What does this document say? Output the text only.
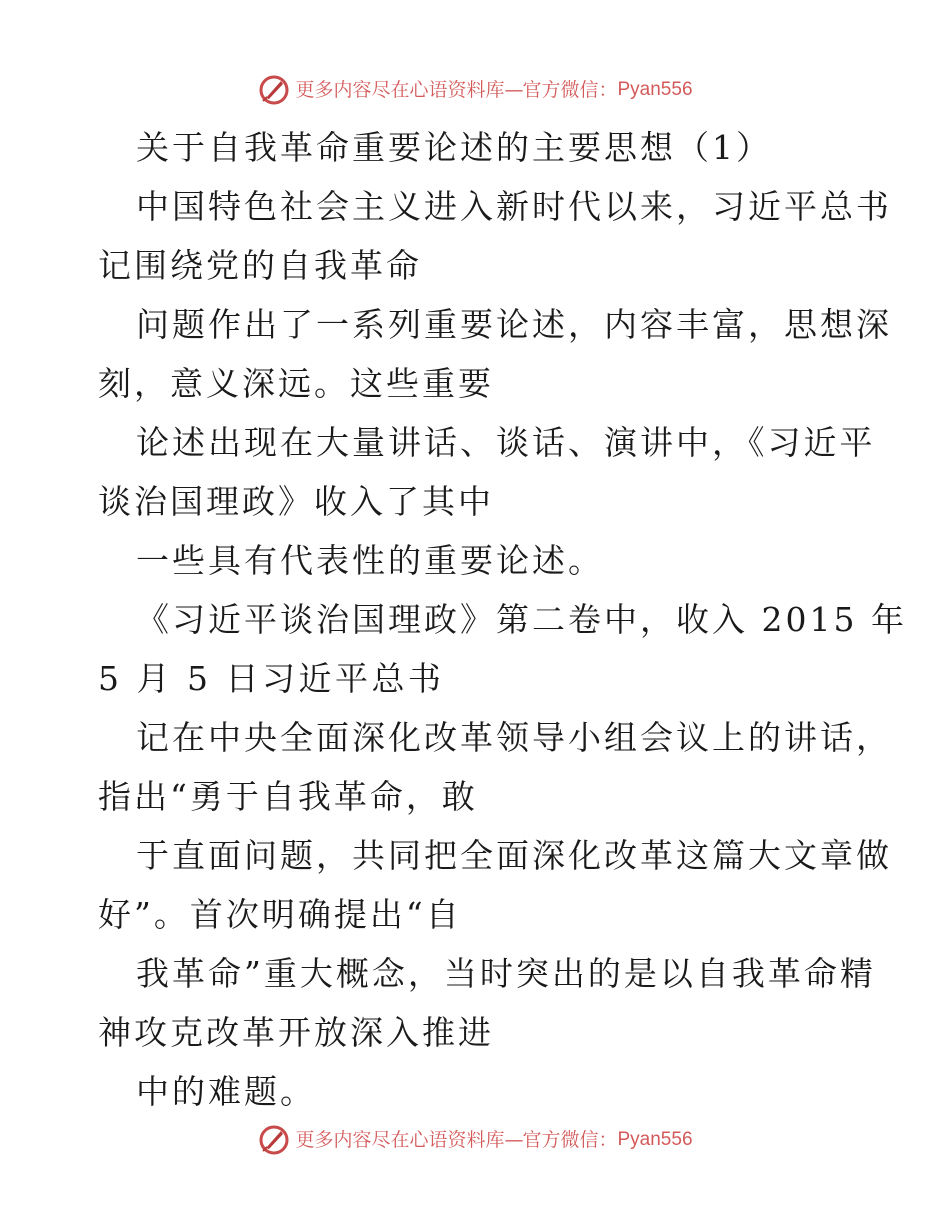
更多内容尽在心语资料库 — 官方微信： Pyan556
关于自我革命重要论述的主要思想（1）
中国特色社会主义进入新时代以来，习近平总书
记围绕党的自我革命
问题作出了一系列重要论述，内容丰富，思想深
刻，意义深远。这些重要
论述出现在大量讲话、谈话、演讲中，《习近平
谈治国理政》收入了其中
一些具有代表性的重要论述。
《习近平谈治国理政》第二卷中，收入 2015 年
5 月 5 日习近平总书
记在中央全面深化改革领导小组会议上的讲话，
指出“勇于自我革命，敢
于直面问题，共同把全面深化改革这篇大文章做
好”。首次明确提出“自
我革命”重大概念，当时突出的是以自我革命精
神攻克改革开放深入推进
中的难题。
更多内容尽在心语资料库 — 官方微信： Pyan556
